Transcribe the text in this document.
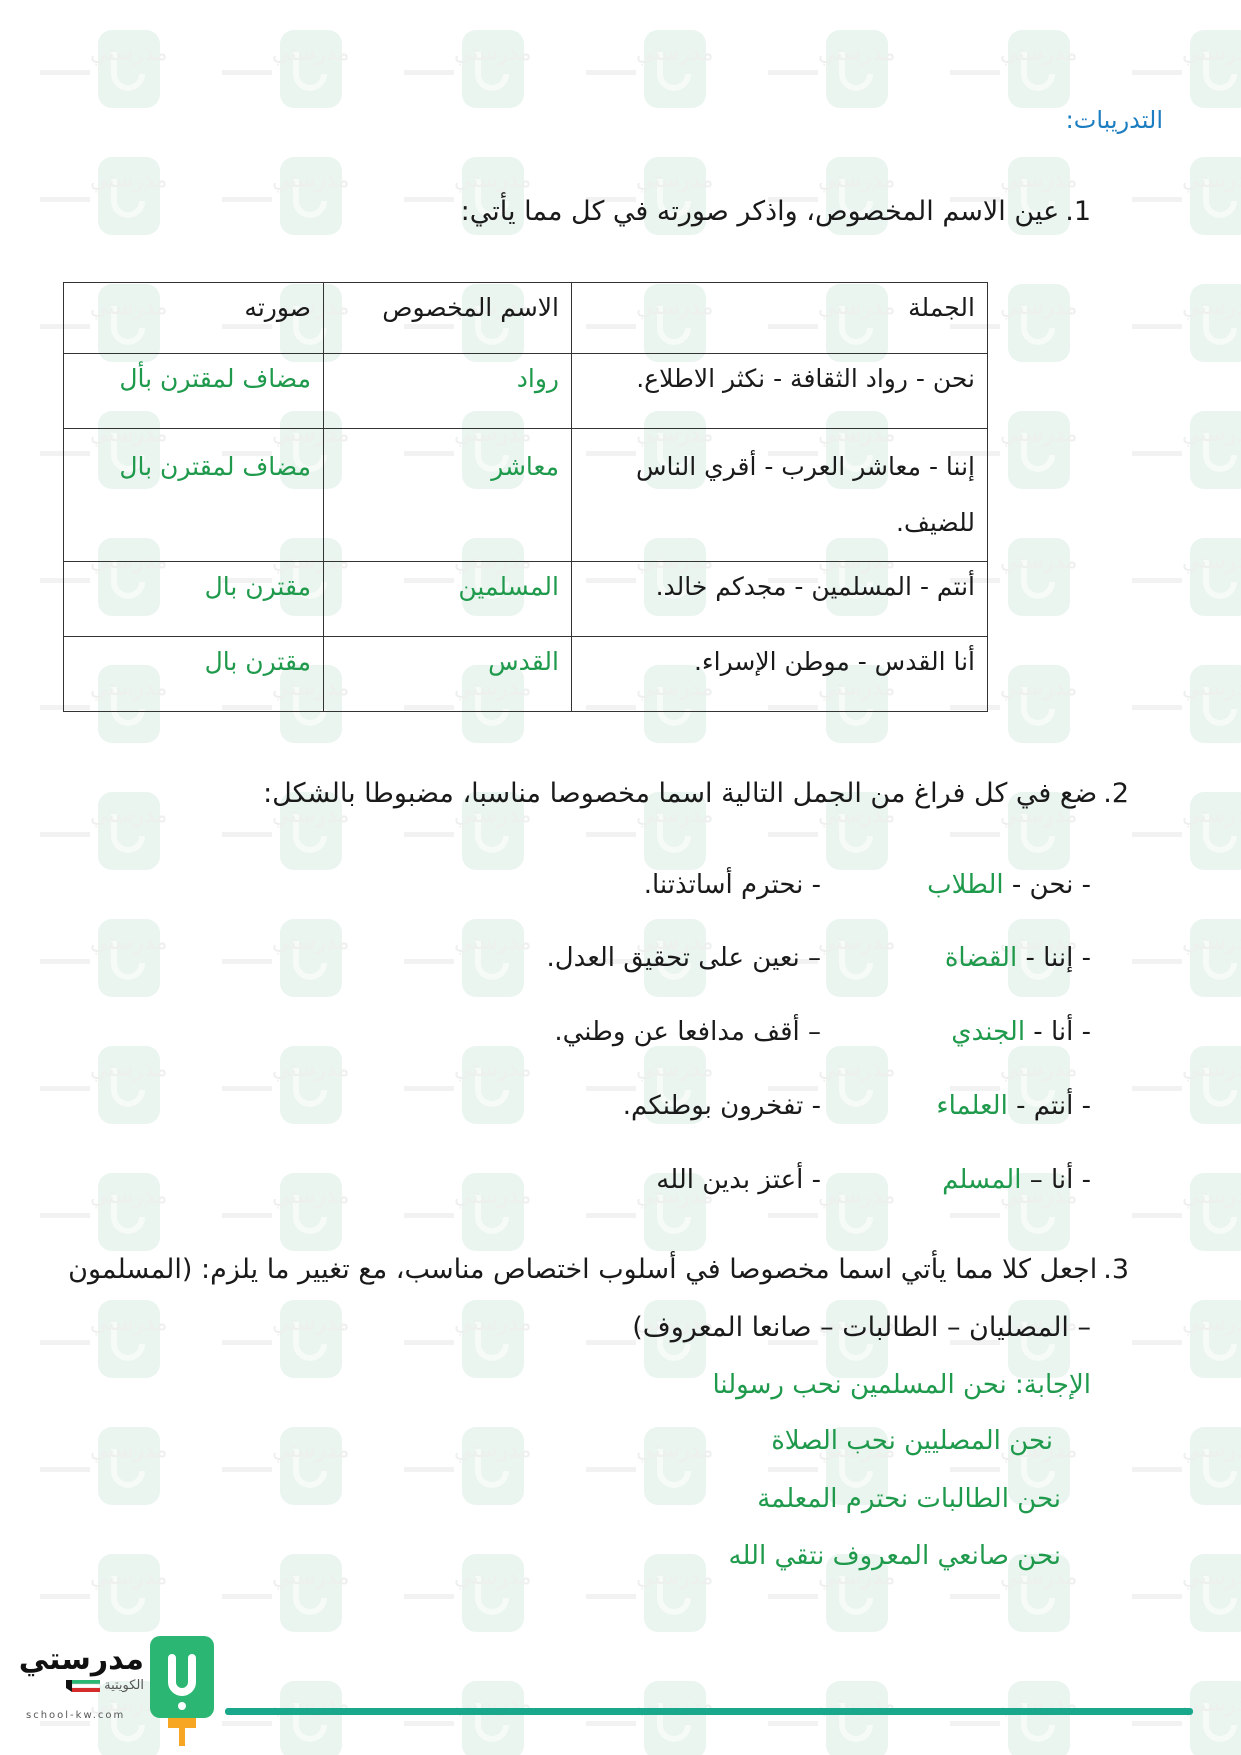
التدريبات:
1.عين الاسم المخصوص، واذكر صورته في كل مما يأتي:
الجملة	الاسم المخصوص	صورته
نحن - رواد الثقافة - نكثر الاطلاع.	رواد	مضاف لمقترن بأل
إننا - معاشر العرب - أقري الناس للضيف.	معاشر	مضاف لمقترن بال
أنتم - المسلمين - مجدكم خالد.	المسلمين	مقترن بال
أنا القدس - موطن الإسراء.	القدس	مقترن بال
2.ضع في كل فراغ من الجمل التالية اسما مخصوصا مناسبا، مضبوطا بالشكل:
- نحن - الطلاب
- نحترم أساتذتنا.
- إننا - القضاة
– نعين على تحقيق العدل.
- أنا - الجندي
– أقف مدافعا عن وطني.
- أنتم - العلماء
- تفخرون بوطنكم.
- أنا – المسلم
- أعتز بدين الله
3.اجعل كلا مما يأتي اسما مخصوصا في أسلوب اختصاص مناسب، مع تغيير ما يلزم: (المسلمون
– المصليان – الطالبات – صانعا المعروف)
الإجابة: نحن المسلمين نحب رسولنا
نحن المصليين نحب الصلاة
نحن الطالبات نحترم المعلمة
نحن صانعي المعروف نتقي الله
مدرستي
الكويتية
school-kw.com
